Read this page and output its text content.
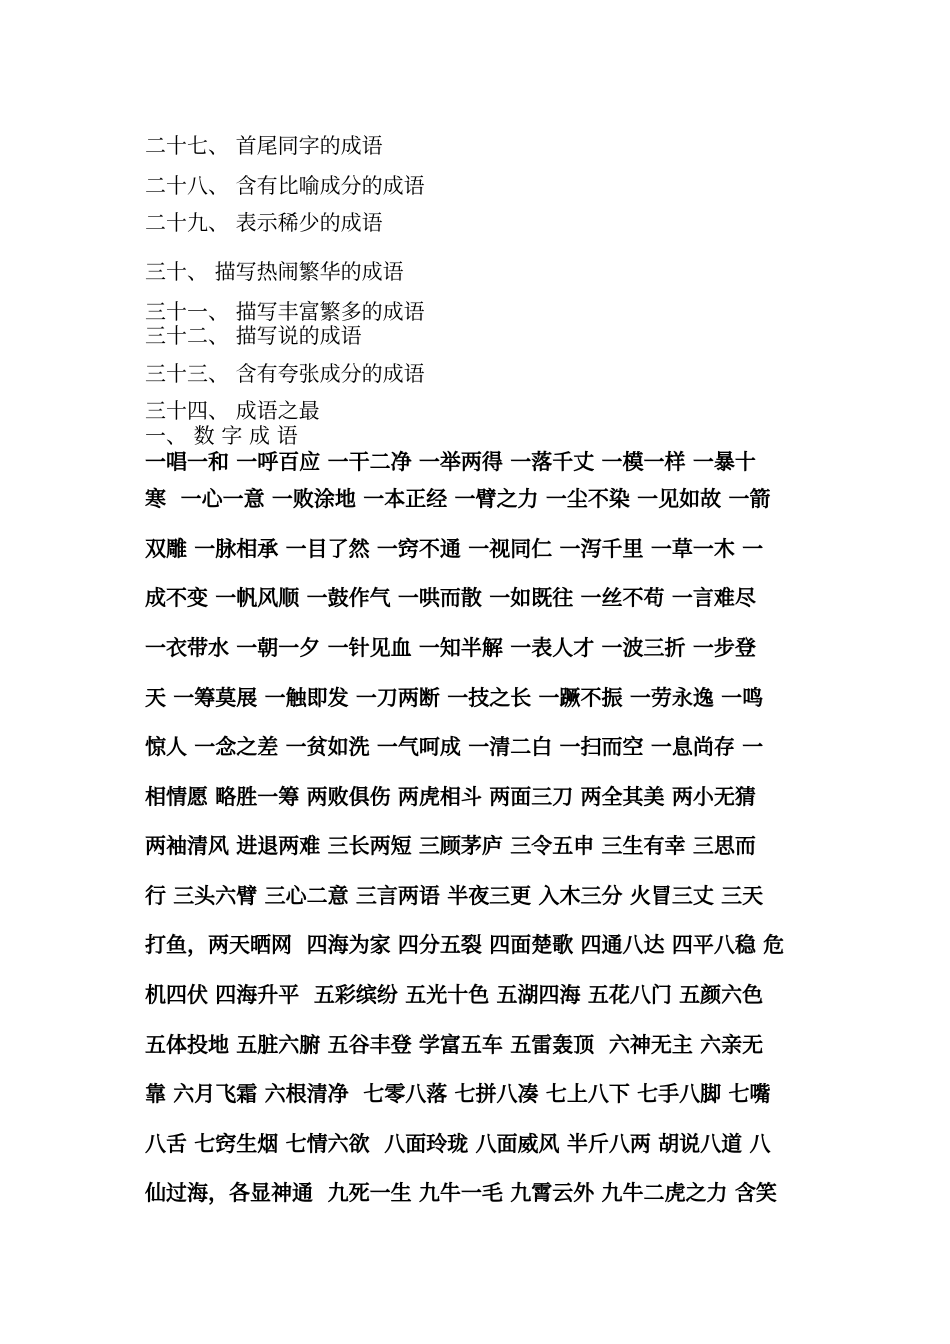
二十七、 首尾同字的成语
二十八、 含有比喻成分的成语
二十九、 表示稀少的成语
三十、 描写热闹繁华的成语
三十一、 描写丰富繁多的成语
三十二、 描写说的成语
三十三、 含有夸张成分的成语
三十四、 成语之最
一、 数 字 成 语
一唱一和 一呼百应 一干二净 一举两得 一落千丈 一模一样 一暴十
寒  一心一意 一败涂地 一本正经 一臂之力 一尘不染 一见如故 一箭
双雕 一脉相承 一目了然 一窍不通 一视同仁 一泻千里 一草一木 一
成不变 一帆风顺 一鼓作气 一哄而散 一如既往 一丝不苟 一言难尽
一衣带水 一朝一夕 一针见血 一知半解 一表人才 一波三折 一步登
天 一筹莫展 一触即发 一刀两断 一技之长 一蹶不振 一劳永逸 一鸣
惊人 一念之差 一贫如洗 一气呵成 一清二白 一扫而空 一息尚存 一
相情愿 略胜一筹 两败俱伤 两虎相斗 两面三刀 两全其美 两小无猜
两袖清风 进退两难 三长两短 三顾茅庐 三令五申 三生有幸 三思而
行 三头六臂 三心二意 三言两语 半夜三更 入木三分 火冒三丈 三天
打鱼，两天晒网  四海为家 四分五裂 四面楚歌 四通八达 四平八稳 危
机四伏 四海升平  五彩缤纷 五光十色 五湖四海 五花八门 五颜六色
五体投地 五脏六腑 五谷丰登 学富五车 五雷轰顶  六神无主 六亲无
靠 六月飞霜 六根清净  七零八落 七拼八凑 七上八下 七手八脚 七嘴
八舌 七窍生烟 七情六欲  八面玲珑 八面威风 半斤八两 胡说八道 八
仙过海，各显神通  九死一生 九牛一毛 九霄云外 九牛二虎之力 含笑
